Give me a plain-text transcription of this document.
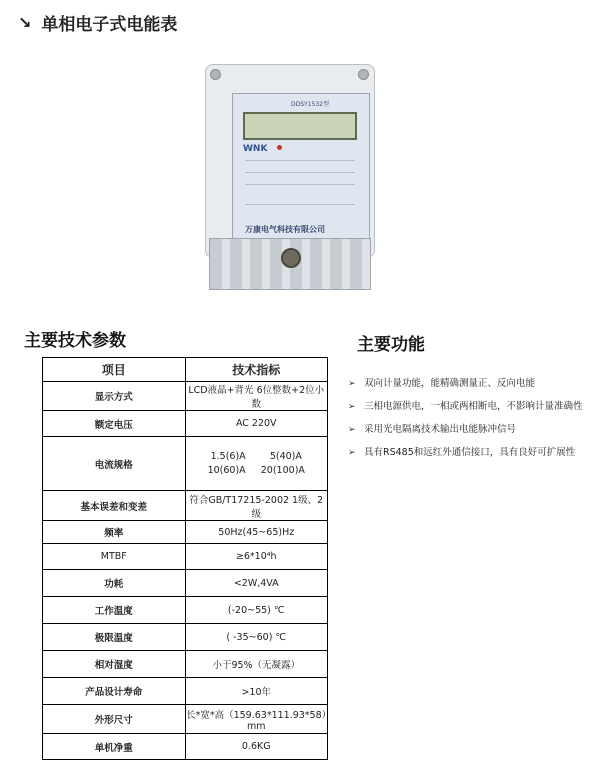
↘ 单相电子式电能表
DDSY1532型
WNK
万康电气科技有限公司
主要技术参数	主要功能
项目	技术指标
显示方式	LCD液晶+背光 6位整数+2位小数
额定电压	AC 220V
电流规格	1.5(6)A        5(40)A
10(60)A     20(100)A

基本误差和变差	符合GB/T17215-2002 1级、2级
频率	50Hz(45~65)Hz
MTBF	≥6*10⁴h
功耗	<2W,4VA
工作温度	(-20~55) ℃
极限温度	( -35~60) ℃
相对湿度	小于95%（无凝露）
产品设计寿命	>10年
外形尺寸	长*宽*高（159.63*111.93*58）mm
单机净重	0.6KG
➢ 双向计量功能，能精确测量正、反向电能
➢ 三相电源供电，一相或两相断电，不影响计量准确性
➢ 采用光电隔离技术输出电能脉冲信号
➢ 具有RS485和远红外通信接口，具有良好可扩展性
